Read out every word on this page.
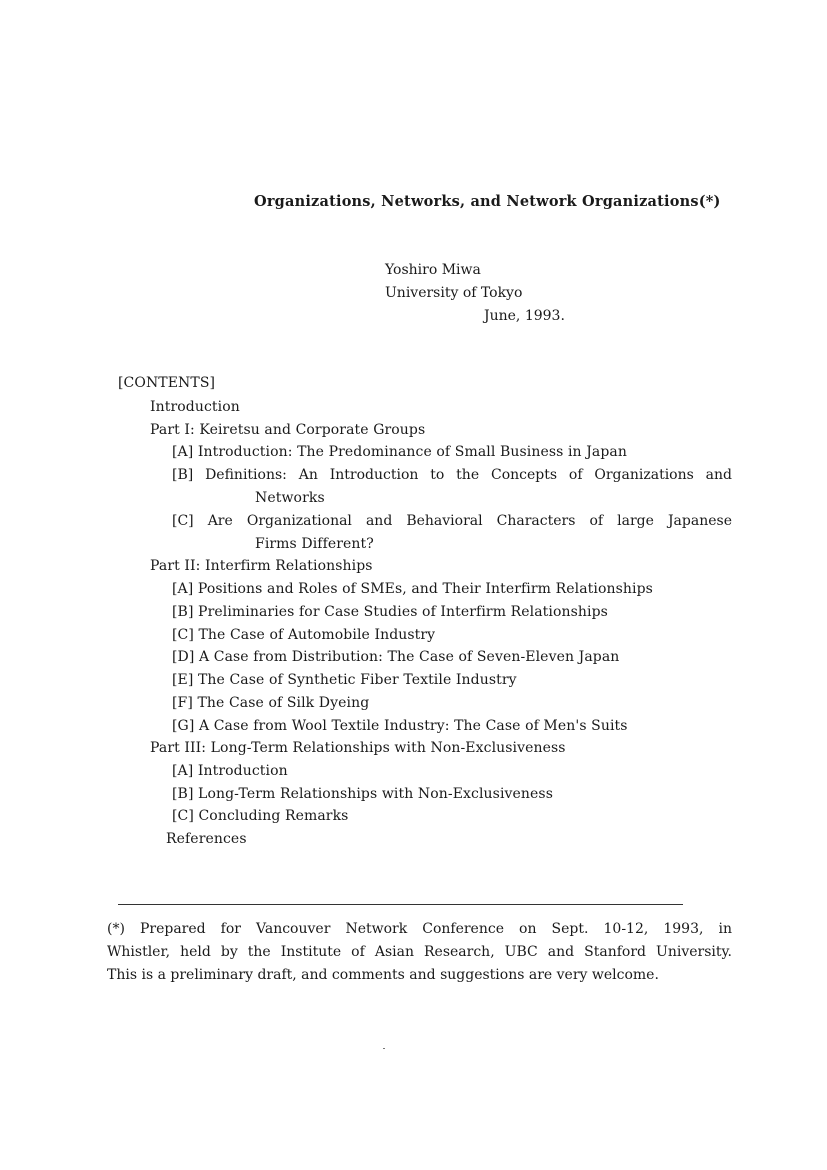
Organizations, Networks, and Network Organizations(*)
Yoshiro Miwa
University of Tokyo
June, 1993.
[CONTENTS]
Introduction
Part I: Keiretsu and Corporate Groups
[A] Introduction: The Predominance of Small Business in Japan
[B] Definitions: An Introduction to the Concepts of Organizations and
Networks
[C] Are Organizational and Behavioral Characters of large Japanese
Firms Different?
Part II: Interfirm Relationships
[A] Positions and Roles of SMEs, and Their Interfirm Relationships
[B] Preliminaries for Case Studies of Interfirm Relationships
[C] The Case of Automobile Industry
[D] A Case from Distribution: The Case of Seven-Eleven Japan
[E] The Case of Synthetic Fiber Textile Industry
[F] The Case of Silk Dyeing
[G] A Case from Wool Textile Industry: The Case of Men's Suits
Part III: Long-Term Relationships with Non-Exclusiveness
[A] Introduction
[B] Long-Term Relationships with Non-Exclusiveness
[C] Concluding Remarks
References
(*) Prepared for Vancouver Network Conference on Sept. 10-12, 1993, in
Whistler, held by the Institute of Asian Research, UBC and Stanford University.
This is a preliminary draft, and comments and suggestions are very welcome.
